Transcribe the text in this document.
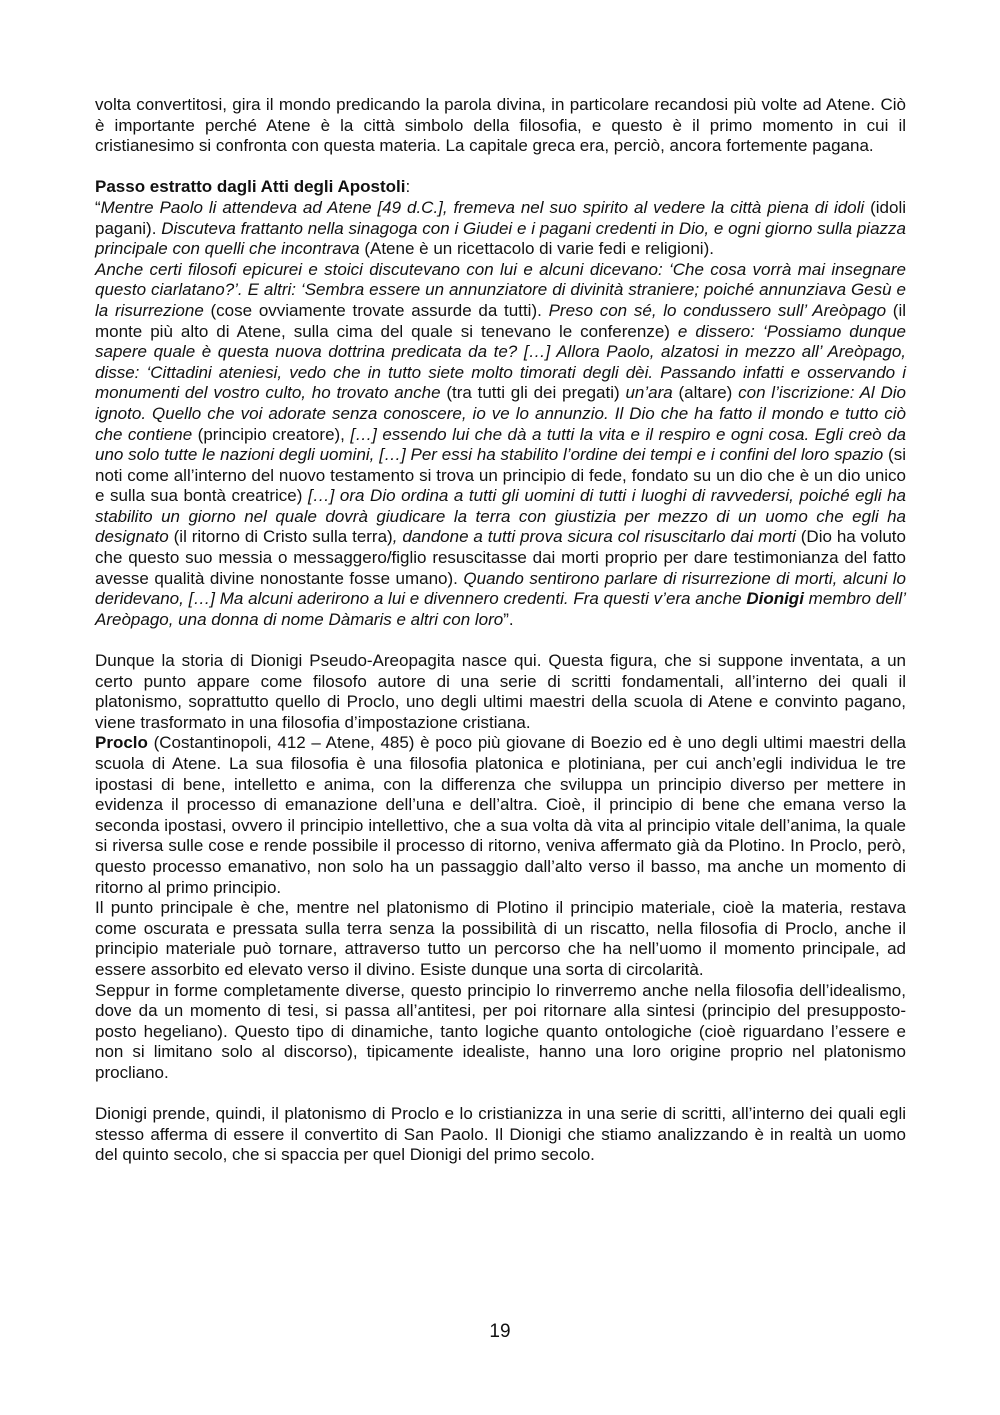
volta convertitosi, gira il mondo predicando la parola divina, in particolare recandosi più volte ad Atene. Ciò è importante perché Atene è la città simbolo della filosofia, e questo è il primo momento in cui il cristianesimo si confronta con questa materia. La capitale greca era, perciò, ancora fortemente pagana.

Passo estratto dagli Atti degli Apostoli:

“Mentre Paolo li attendeva ad Atene [49 d.C.], fremeva nel suo spirito al vedere la città piena di idoli (idoli pagani). Discuteva frattanto nella sinagoga con i Giudei e i pagani credenti in Dio, e ogni giorno sulla piazza principale con quelli che incontrava (Atene è un ricettacolo di varie fedi e religioni).

Anche certi filosofi epicurei e stoici discutevano con lui e alcuni dicevano: ‘Che cosa vorrà mai insegnare questo ciarlatano?’. E altri: ‘Sembra essere un annunziatore di divinità straniere; poiché annunziava Gesù e la risurrezione (cose ovviamente trovate assurde da tutti). Preso con sé, lo condussero sull’ Areòpago (il monte più alto di Atene, sulla cima del quale si tenevano le conferenze) e dissero: ‘Possiamo dunque sapere quale è questa nuova dottrina predicata da te? […] Allora Paolo, alzatosi in mezzo all’ Areòpago, disse: ‘Cittadini ateniesi, vedo che in tutto siete molto timorati degli dèi. Passando infatti e osservando i monumenti del vostro culto, ho trovato anche (tra tutti gli dei pregati) un’ara (altare) con l’iscrizione: Al Dio ignoto. Quello che voi adorate senza conoscere, io ve lo annunzio. Il Dio che ha fatto il mondo e tutto ciò che contiene (principio creatore), […] essendo lui che dà a tutti la vita e il respiro e ogni cosa. Egli creò da uno solo tutte le nazioni degli uomini, […] Per essi ha stabilito l’ordine dei tempi e i confini del loro spazio (si noti come all’interno del nuovo testamento si trova un principio di fede, fondato su un dio che è un dio unico e sulla sua bontà creatrice) […] ora Dio ordina a tutti gli uomini di tutti i luoghi di ravvedersi, poiché egli ha stabilito un giorno nel quale dovrà giudicare la terra con giustizia per mezzo di un uomo che egli ha designato (il ritorno di Cristo sulla terra), dandone a tutti prova sicura col risuscitarlo dai morti (Dio ha voluto che questo suo messia o messaggero/figlio resuscitasse dai morti proprio per dare testimonianza del fatto avesse qualità divine nonostante fosse umano). Quando sentirono parlare di risurrezione di morti, alcuni lo deridevano, […] Ma alcuni aderirono a lui e divennero credenti. Fra questi v’era anche Dionigi membro dell’ Areòpago, una donna di nome Dàmaris e altri con loro”.

Dunque la storia di Dionigi Pseudo-Areopagita nasce qui. Questa figura, che si suppone inventata, a un certo punto appare come filosofo autore di una serie di scritti fondamentali, all’interno dei quali il platonismo, soprattutto quello di Proclo, uno degli ultimi maestri della scuola di Atene e convinto pagano, viene trasformato in una filosofia d’impostazione cristiana.

Proclo (Costantinopoli, 412 – Atene, 485) è poco più giovane di Boezio ed è uno degli ultimi maestri della scuola di Atene. La sua filosofia è una filosofia platonica e plotiniana, per cui anch’egli individua le tre ipostasi di bene, intelletto e anima, con la differenza che sviluppa un principio diverso per mettere in evidenza il processo di emanazione dell’una e dell’altra. Cioè, il principio di bene che emana verso la seconda ipostasi, ovvero il principio intellettivo, che a sua volta dà vita al principio vitale dell’anima, la quale si riversa sulle cose e rende possibile il processo di ritorno, veniva affermato già da Plotino. In Proclo, però, questo processo emanativo, non solo ha un passaggio dall’alto verso il basso, ma anche un momento di ritorno al primo principio.

Il punto principale è che, mentre nel platonismo di Plotino il principio materiale, cioè la materia, restava come oscurata e pressata sulla terra senza la possibilità di un riscatto, nella filosofia di Proclo, anche il principio materiale può tornare, attraverso tutto un percorso che ha nell’uomo il momento principale, ad essere assorbito ed elevato verso il divino. Esiste dunque una sorta di circolarità.

Seppur in forme completamente diverse, questo principio lo rinverremo anche nella filosofia dell’idealismo, dove da un momento di tesi, si passa all’antitesi, per poi ritornare alla sintesi (principio del presupposto-posto hegeliano). Questo tipo di dinamiche, tanto logiche quanto ontologiche (cioè riguardano l’essere e non si limitano solo al discorso), tipicamente idealiste, hanno una loro origine proprio nel platonismo procliano.

Dionigi prende, quindi, il platonismo di Proclo e lo cristianizza in una serie di scritti, all’interno dei quali egli stesso afferma di essere il convertito di San Paolo. Il Dionigi che stiamo analizzando è in realtà un uomo del quinto secolo, che si spaccia per quel Dionigi del primo secolo.

19
